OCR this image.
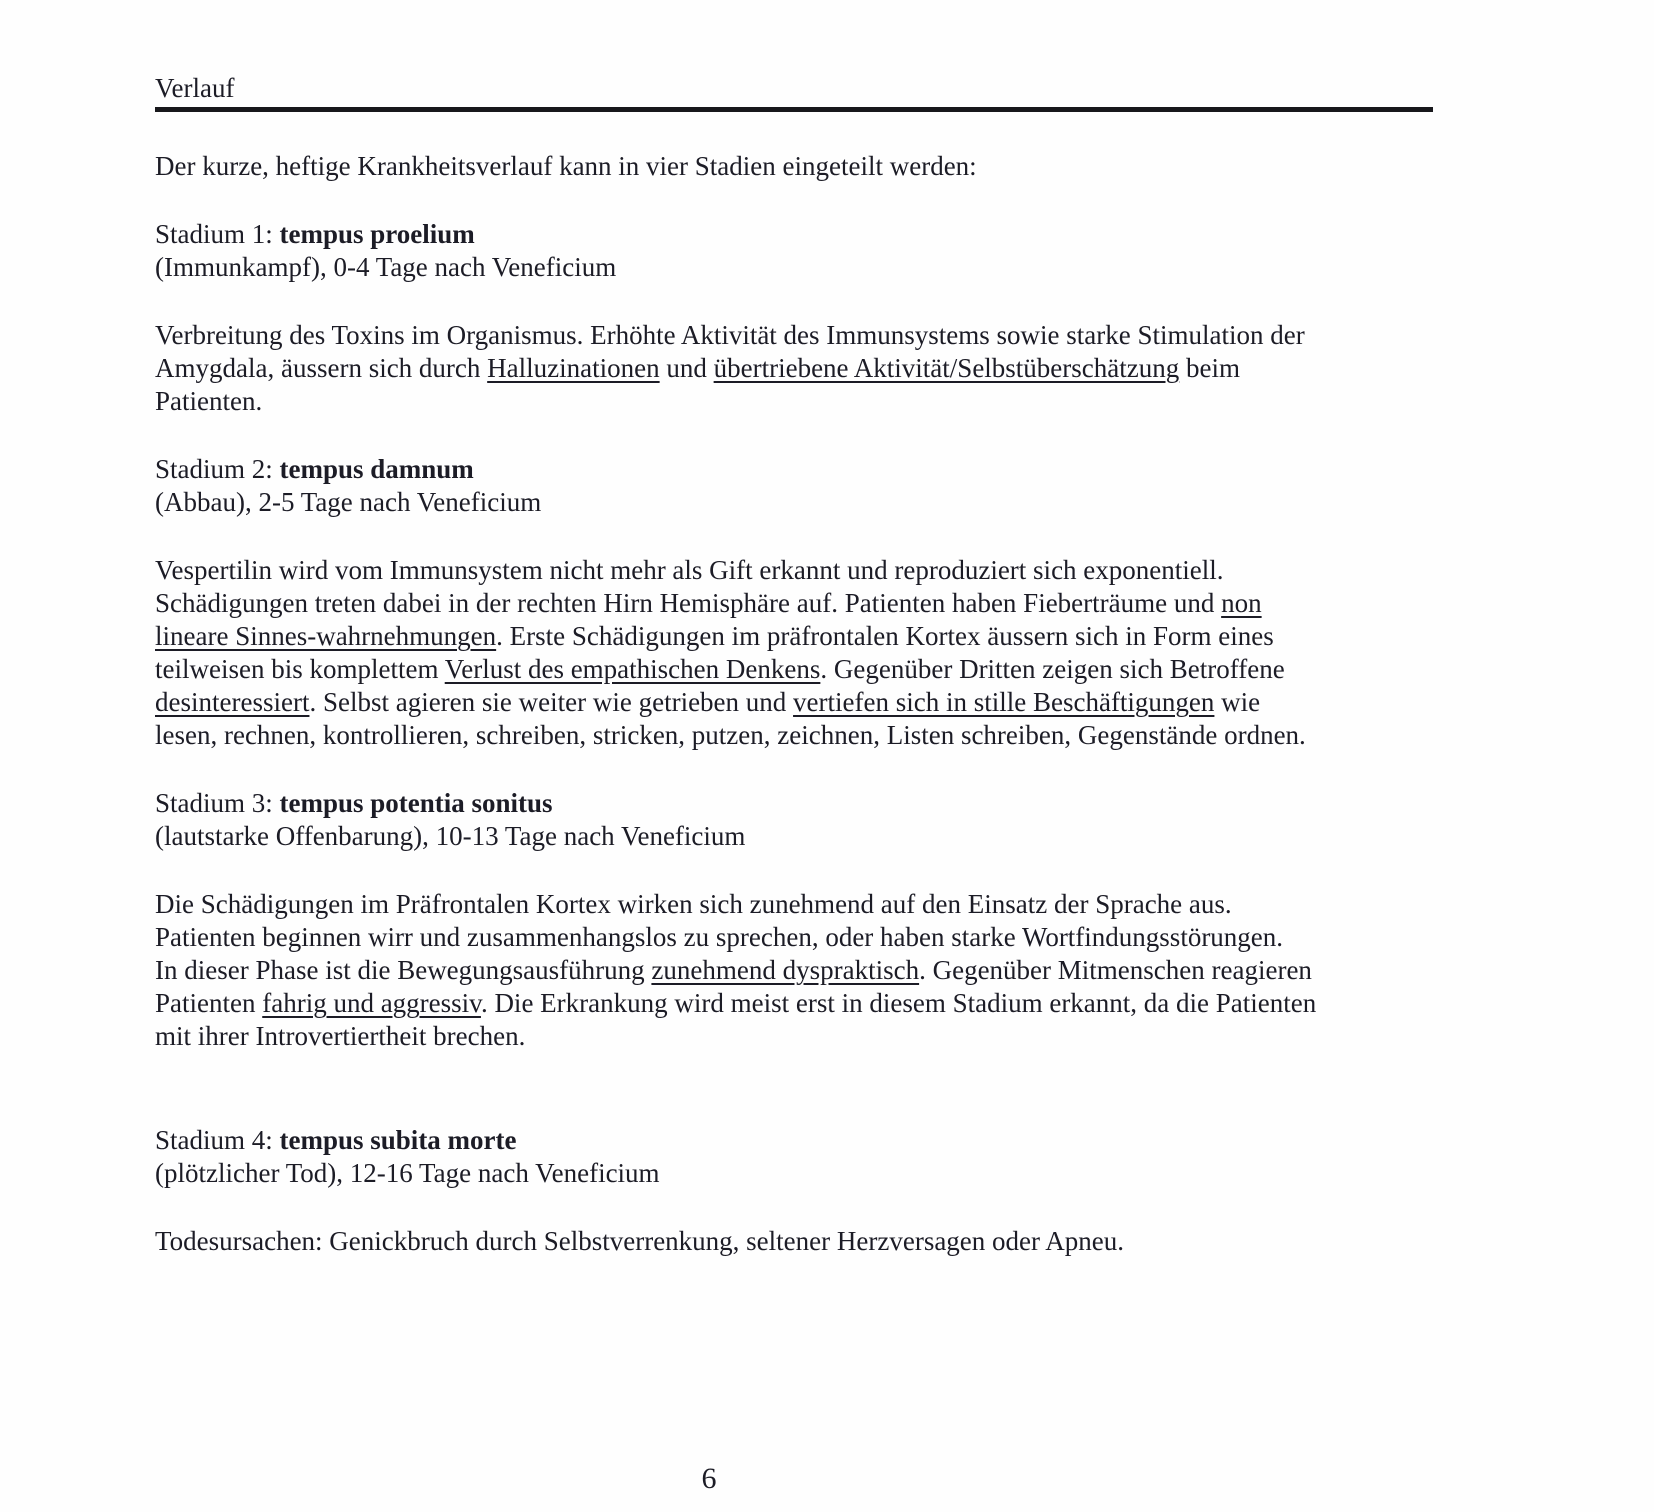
Verlauf
Der kurze, heftige Krankheitsverlauf kann in vier Stadien eingeteilt werden:
Stadium 1: tempus proelium
(Immunkampf), 0-4 Tage nach Veneficium
Verbreitung des Toxins im Organismus. Erhöhte Aktivität des Immunsystems sowie starke Stimulation der
Amygdala, äussern sich durch Halluzinationen und übertriebene Aktivität/Selbstüberschätzung beim
Patienten.
Stadium 2: tempus damnum
(Abbau), 2-5 Tage nach Veneficium
Vespertilin wird vom Immunsystem nicht mehr als Gift erkannt und reproduziert sich exponentiell.
Schädigungen treten dabei in der rechten Hirn Hemisphäre auf. Patienten haben Fieberträume und non
lineare Sinnes-wahrnehmungen. Erste Schädigungen im präfrontalen Kortex äussern sich in Form eines
teilweisen bis komplettem Verlust des empathischen Denkens. Gegenüber Dritten zeigen sich Betroffene
desinteressiert. Selbst agieren sie weiter wie getrieben und vertiefen sich in stille Beschäftigungen wie
lesen, rechnen, kontrollieren, schreiben, stricken, putzen, zeichnen, Listen schreiben, Gegenstände ordnen.
Stadium 3: tempus potentia sonitus
(lautstarke Offenbarung), 10-13 Tage nach Veneficium
Die Schädigungen im Präfrontalen Kortex wirken sich zunehmend auf den Einsatz der Sprache aus.
Patienten beginnen wirr und zusammenhangslos zu sprechen, oder haben starke Wortfindungsstörungen.
In dieser Phase ist die Bewegungsausführung zunehmend dyspraktisch. Gegenüber Mitmenschen reagieren
Patienten fahrig und aggressiv. Die Erkrankung wird meist erst in diesem Stadium erkannt, da die Patienten
mit ihrer Introvertiertheit brechen.
Stadium 4: tempus subita morte
(plötzlicher Tod), 12-16 Tage nach Veneficium
Todesursachen: Genickbruch durch Selbstverrenkung, seltener Herzversagen oder Apneu.
6
